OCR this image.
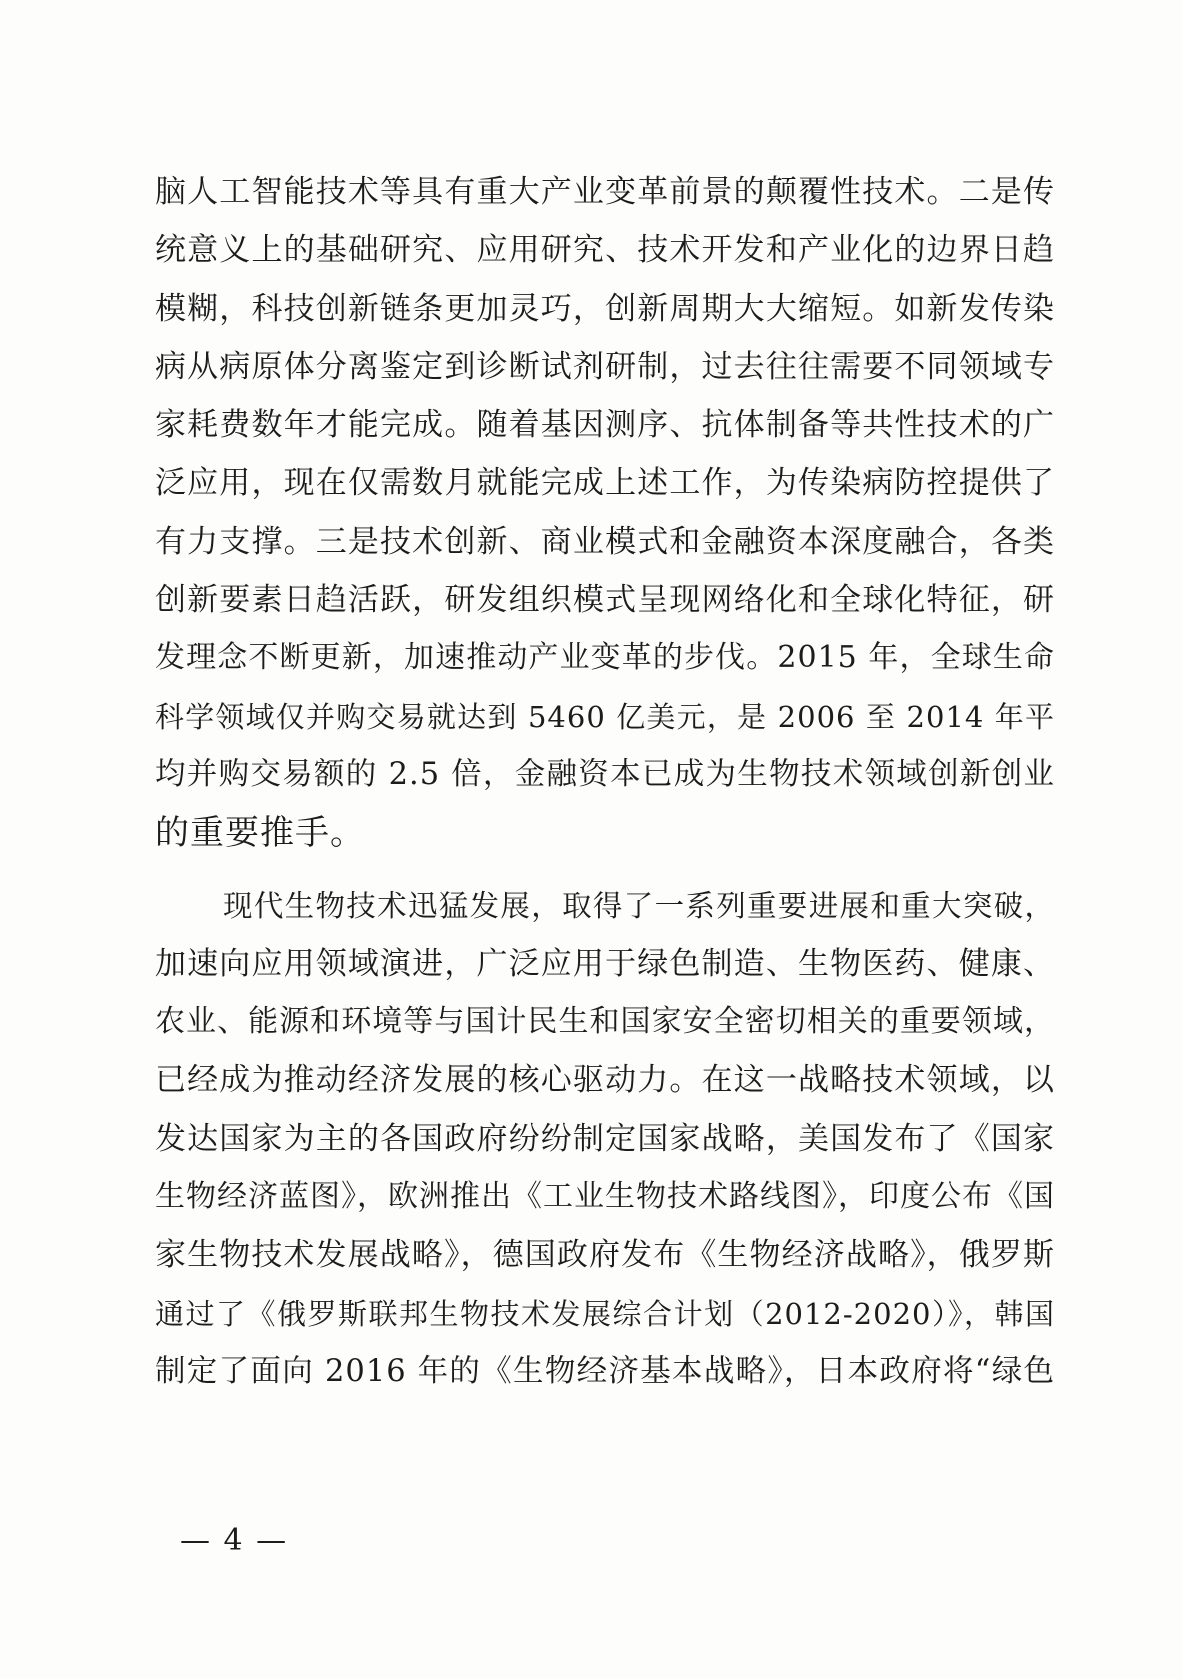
脑人工智能技术等具有重大产业变革前景的颠覆性技术。二是传
统意义上的基础研究、应用研究、技术开发和产业化的边界日趋
模糊，科技创新链条更加灵巧，创新周期大大缩短。如新发传染
病从病原体分离鉴定到诊断试剂研制，过去往往需要不同领域专
家耗费数年才能完成。随着基因测序、抗体制备等共性技术的广
泛应用，现在仅需数月就能完成上述工作，为传染病防控提供了
有力支撑。三是技术创新、商业模式和金融资本深度融合，各类
创新要素日趋活跃，研发组织模式呈现网络化和全球化特征，研
发理念不断更新，加速推动产业变革的步伐。2015 年，全球生命
科学领域仅并购交易就达到 5460 亿美元，是 2006 至 2014 年平
均并购交易额的 2.5 倍，金融资本已成为生物技术领域创新创业
的重要推手。
现代生物技术迅猛发展，取得了一系列重要进展和重大突破，
加速向应用领域演进，广泛应用于绿色制造、生物医药、健康、
农业、能源和环境等与国计民生和国家安全密切相关的重要领域，
已经成为推动经济发展的核心驱动力。在这一战略技术领域，以
发达国家为主的各国政府纷纷制定国家战略，美国发布了《国家
生物经济蓝图》，欧洲推出《工业生物技术路线图》，印度公布《国
家生物技术发展战略》，德国政府发布《生物经济战略》，俄罗斯
通过了《俄罗斯联邦生物技术发展综合计划（2012-2020）》，韩国
制定了面向 2016 年的《生物经济基本战略》，日本政府将“绿色
— 4 —
